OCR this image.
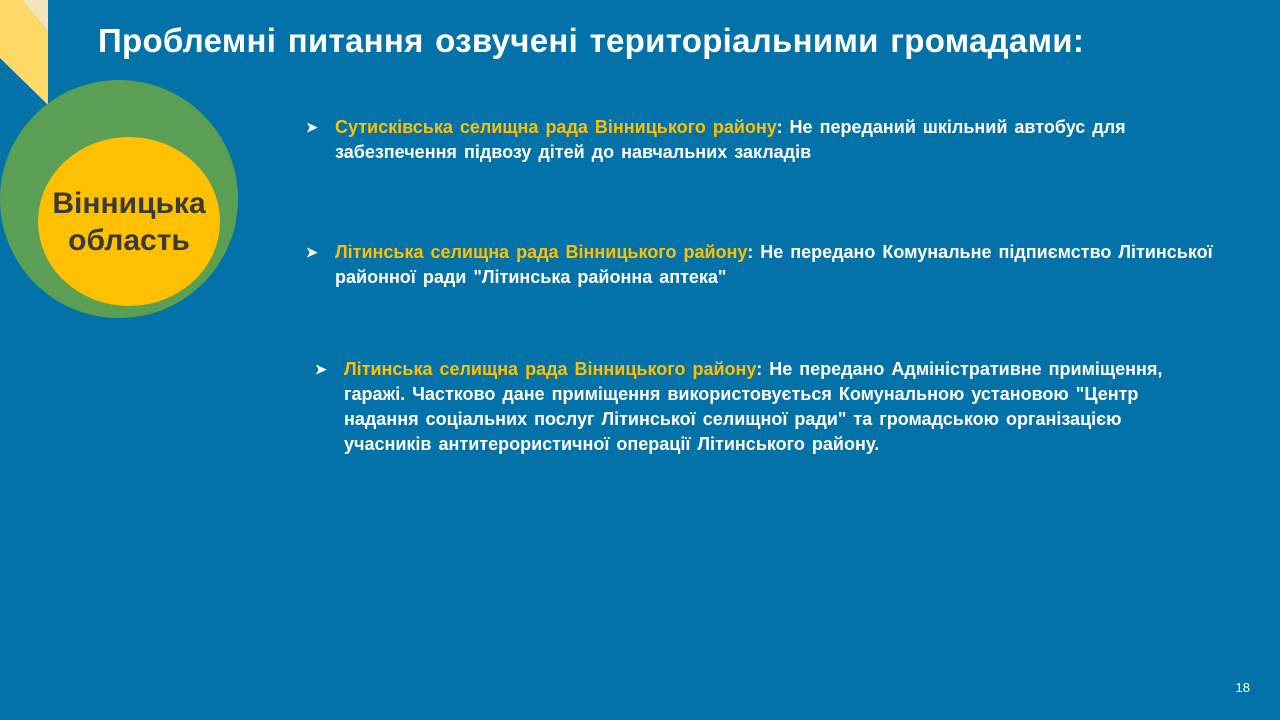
Проблемні питання озвучені територіальними громадами:
Вінницька область
➤ Сутисківська селищна рада Вінницького району: Не переданий шкільний автобус для забезпечення підвозу дітей до навчальних закладів
➤ Літинська селищна рада Вінницького району: Не передано Комунальне підпиємство Літинської районної ради "Літинська районна аптека"
➤ Літинська селищна рада Вінницького району: Не передано Адміністративне приміщення, гаражі. Частково дане приміщення використовується Комунальною установою "Центр надання соціальних послуг Літинської селищної ради" та громадською організацією учасників антитерористичної операції Літинського району.
18
